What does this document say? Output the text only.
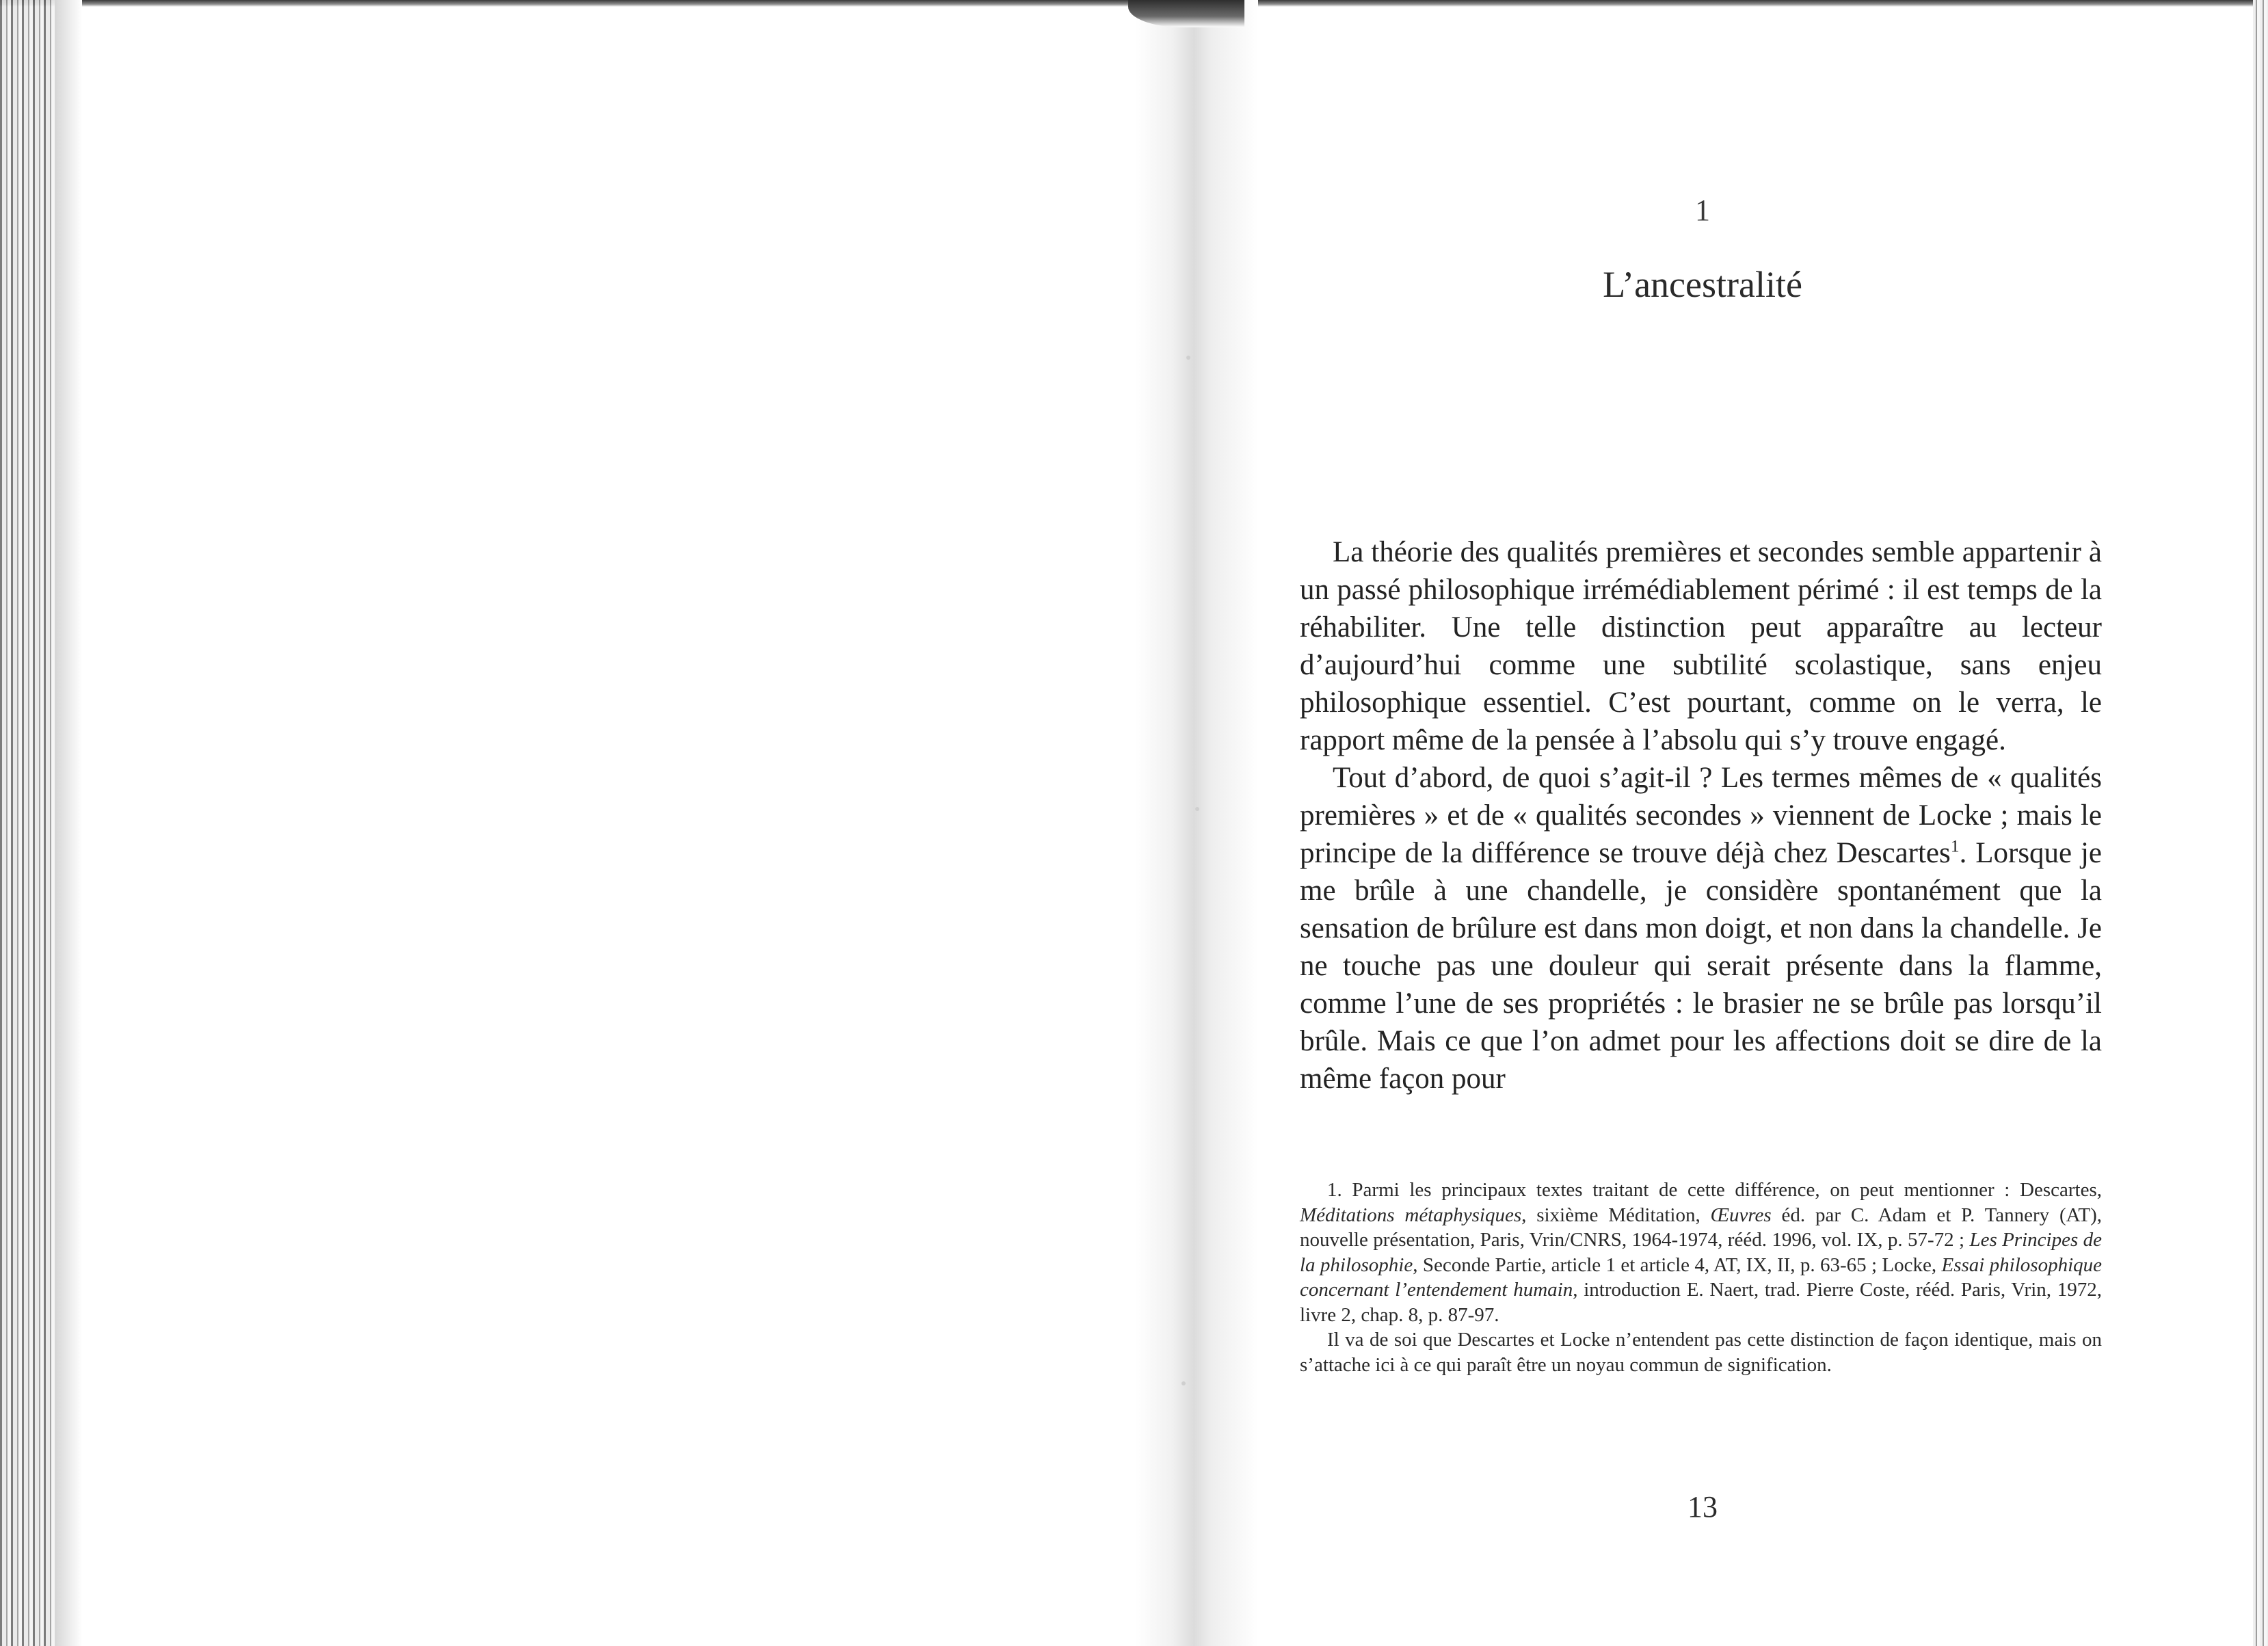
1
L’ancestralité

La théorie des qualités premières et secondes semble appartenir à un passé philosophique irrémédiablement périmé : il est temps de la réhabiliter. Une telle distinction peut apparaître au lecteur d’aujourd’hui comme une subtilité scolastique, sans enjeu philosophique essentiel. C’est pourtant, comme on le verra, le rapport même de la pensée à l’absolu qui s’y trouve engagé.

Tout d’abord, de quoi s’agit-il ? Les termes mêmes de « qualités premières » et de « qualités secondes » viennent de Locke ; mais le principe de la différence se trouve déjà chez Descartes$^1$. Lorsque je me brûle à une chandelle, je considère spontanément que la sensation de brûlure est dans mon doigt, et non dans la chandelle. Je ne touche pas une douleur qui serait présente dans la flamme, comme l’une de ses propriétés : le brasier ne se brûle pas lorsqu’il brûle. Mais ce que l’on admet pour les affections doit se dire de la même façon pour

1. Parmi les principaux textes traitant de cette différence, on peut mentionner : Descartes, Méditations métaphysiques, sixième Méditation, Œuvres éd. par C. Adam et P. Tannery (AT), nouvelle présentation, Paris, Vrin/CNRS, 1964-1974, rééd. 1996, vol. IX, p. 57-72 ; Les Principes de la philosophie, Seconde Partie, article 1 et article 4, AT, IX, II, p. 63-65 ; Locke, Essai philosophique concernant l’entendement humain, introduction E. Naert, trad. Pierre Coste, rééd. Paris, Vrin, 1972, livre 2, chap. 8, p. 87-97.

Il va de soi que Descartes et Locke n’entendent pas cette distinction de façon identique, mais on s’attache ici à ce qui paraît être un noyau commun de signification.

13
